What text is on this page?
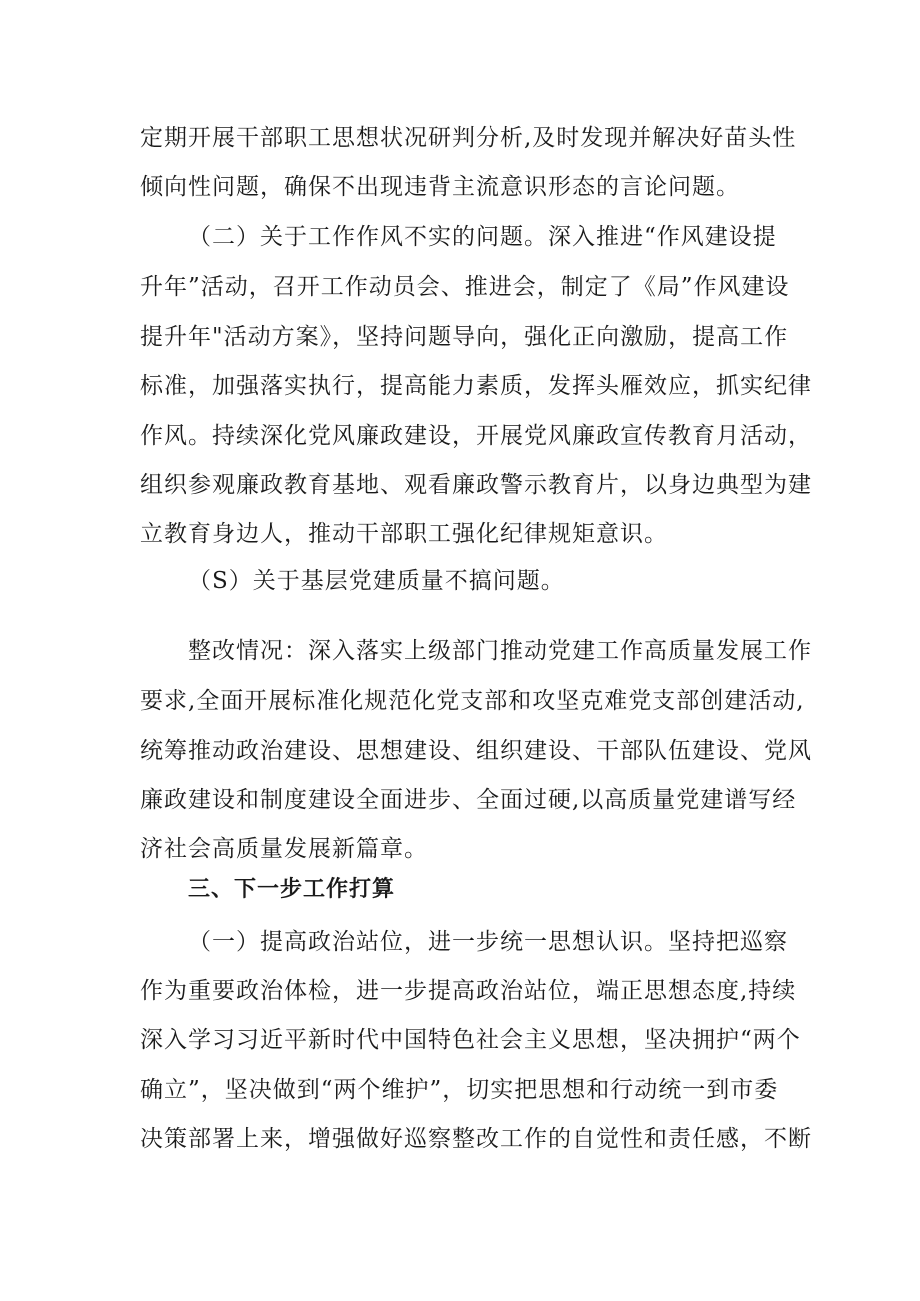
定期开展干部职工思想状况研判分析,及时发现并解决好苗头性
倾向性问题，确保不出现违背主流意识形态的言论问题。
（二）关于工作作风不实的问题。深入推进“作风建设提
升年”活动，召开工作动员会、推进会，制定了《局”作风建设
提升年"活动方案》，坚持问题导向，强化正向激励，提高工作
标准，加强落实执行，提高能力素质，发挥头雁效应，抓实纪律
作风。持续深化党风廉政建设，开展党风廉政宣传教育月活动，
组织参观廉政教育基地、观看廉政警示教育片，以身边典型为建
立教育身边人，推动干部职工强化纪律规矩意识。
（S）关于基层党建质量不搞问题。
整改情况：深入落实上级部门推动党建工作高质量发展工作
要求,全面开展标准化规范化党支部和攻坚克难党支部创建活动,
统筹推动政治建设、思想建设、组织建设、干部队伍建设、党风
廉政建设和制度建设全面进步、全面过硬,以高质量党建谱写经
济社会高质量发展新篇章。
三、下一步工作打算
（一）提高政治站位，进一步统一思想认识。坚持把巡察
作为重要政治体检，进一步提高政治站位，端正思想态度,持续
深入学习习近平新时代中国特色社会主义思想，坚决拥护“两个
确立”，坚决做到“两个维护”，切实把思想和行动统一到市委
决策部署上来，增强做好巡察整改工作的自觉性和责任感，不断
